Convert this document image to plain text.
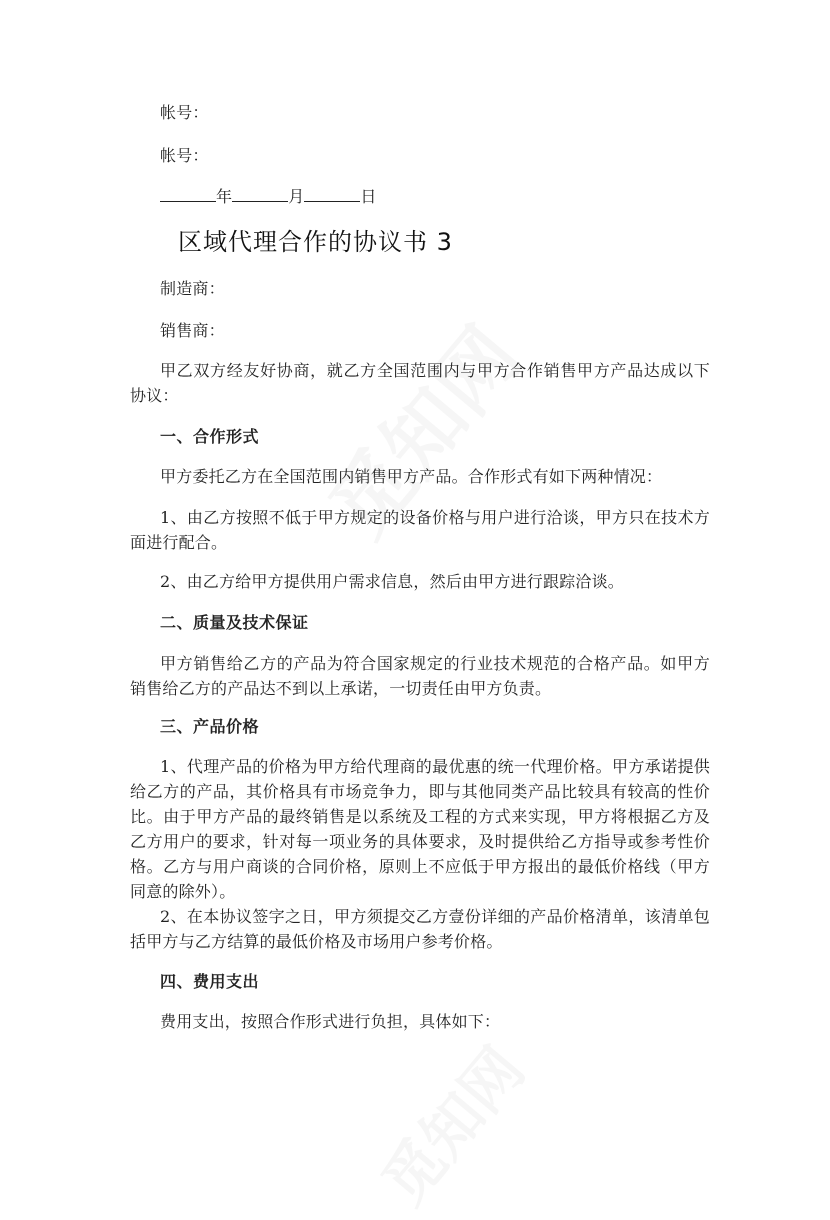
帐号：
帐号：
年	月	日
区域代理合作的协议书 3
制造商：
销售商：
甲乙双方经友好协商，就乙方全国范围内与甲方合作销售甲方产品达成以下协议：
一、合作形式
甲方委托乙方在全国范围内销售甲方产品。合作形式有如下两种情况：
1、由乙方按照不低于甲方规定的设备价格与用户进行洽谈，甲方只在技术方面进行配合。
2、由乙方给甲方提供用户需求信息，然后由甲方进行跟踪洽谈。
二、质量及技术保证
甲方销售给乙方的产品为符合国家规定的行业技术规范的合格产品。如甲方销售给乙方的产品达不到以上承诺，一切责任由甲方负责。
三、产品价格
1、代理产品的价格为甲方给代理商的最优惠的统一代理价格。甲方承诺提供给乙方的产品，其价格具有市场竞争力，即与其他同类产品比较具有较高的性价比。由于甲方产品的最终销售是以系统及工程的方式来实现，甲方将根据乙方及乙方用户的要求，针对每一项业务的具体要求，及时提供给乙方指导或参考性价格。乙方与用户商谈的合同价格，原则上不应低于甲方报出的最低价格线（甲方同意的除外）。
2、在本协议签字之日，甲方须提交乙方壹份详细的产品价格清单，该清单包括甲方与乙方结算的最低价格及市场用户参考价格。
四、费用支出
费用支出，按照合作形式进行负担，具体如下：
